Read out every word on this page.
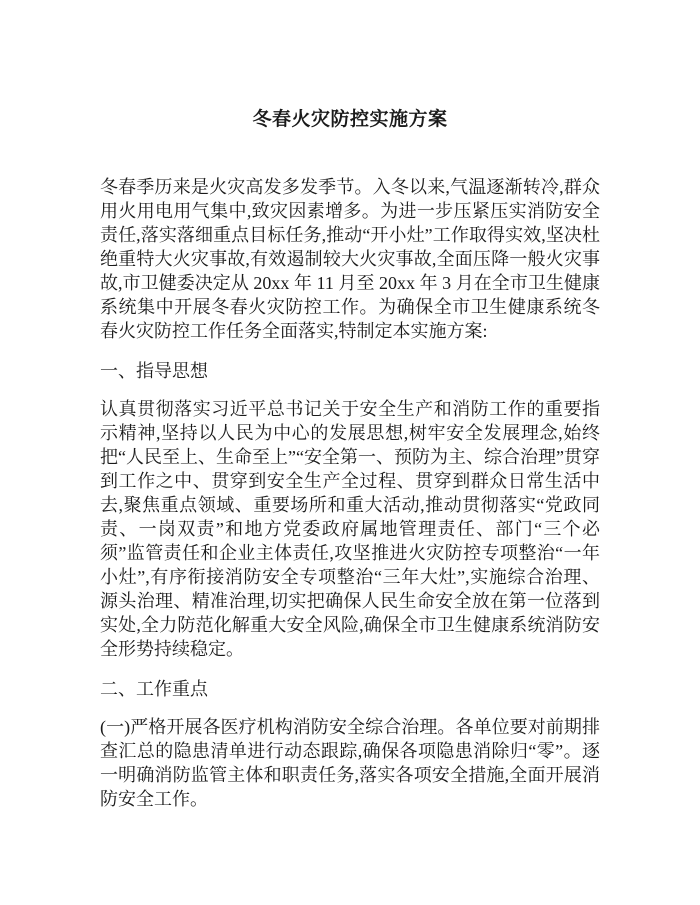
冬春火灾防控实施方案

冬春季历来是火灾高发多发季节。入冬以来,气温逐渐转冷,群众用火用电用气集中,致灾因素增多。为进一步压紧压实消防安全责任,落实落细重点目标任务,推动“开小灶”工作取得实效,坚决杜绝重特大火灾事故,有效遏制较大火灾事故,全面压降一般火灾事故,市卫健委决定从 20xx 年 11 月至 20xx 年 3 月在全市卫生健康系统集中开展冬春火灾防控工作。为确保全市卫生健康系统冬春火灾防控工作任务全面落实,特制定本实施方案:

一、指导思想

认真贯彻落实习近平总书记关于安全生产和消防工作的重要指示精神,坚持以人民为中心的发展思想,树牢安全发展理念,始终把“人民至上、生命至上”“安全第一、预防为主、综合治理”贯穿到工作之中、贯穿到安全生产全过程、贯穿到群众日常生活中去,聚焦重点领域、重要场所和重大活动,推动贯彻落实“党政同责、一岗双责”和地方党委政府属地管理责任、部门“三个必须”监管责任和企业主体责任,攻坚推进火灾防控专项整治“一年小灶”,有序衔接消防安全专项整治“三年大灶”,实施综合治理、源头治理、精准治理,切实把确保人民生命安全放在第一位落到实处,全力防范化解重大安全风险,确保全市卫生健康系统消防安全形势持续稳定。

二、工作重点

(一)严格开展各医疗机构消防安全综合治理。各单位要对前期排查汇总的隐患清单进行动态跟踪,确保各项隐患消除归“零”。逐一明确消防监管主体和职责任务,落实各项安全措施,全面开展消防安全工作。
